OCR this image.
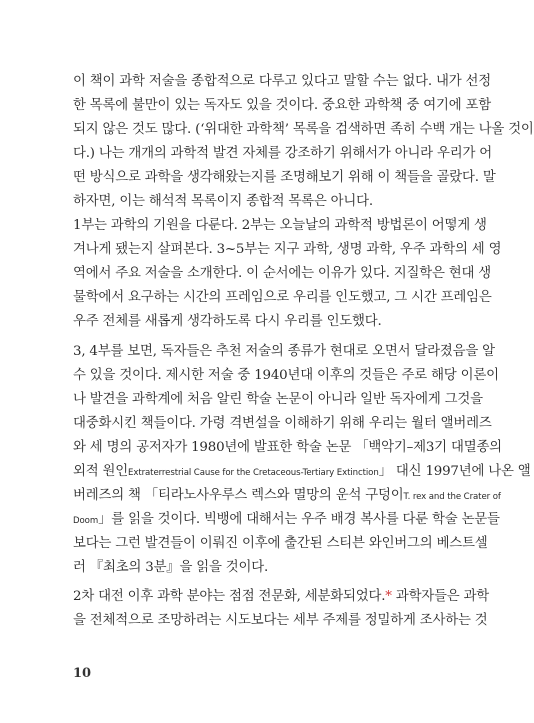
이 책이 과학 저술을 종합적으로 다루고 있다고 말할 수는 없다. 내가 선정
한 목록에 불만이 있는 독자도 있을 것이다. 중요한 과학책 중 여기에 포함
되지 않은 것도 많다. (‘위대한 과학책’ 목록을 검색하면 족히 수백 개는 나올 것이
다.) 나는 개개의 과학적 발견 자체를 강조하기 위해서가 아니라 우리가 어
떤 방식으로 과학을 생각해왔는지를 조명해보기 위해 이 책들을 골랐다. 말
하자면, 이는 해석적 목록이지 종합적 목록은 아니다.
1부는 과학의 기원을 다룬다. 2부는 오늘날의 과학적 방법론이 어떻게 생
겨나게 됐는지 살펴본다. 3~5부는 지구 과학, 생명 과학, 우주 과학의 세 영
역에서 주요 저술을 소개한다. 이 순서에는 이유가 있다. 지질학은 현대 생
물학에서 요구하는 시간의 프레임으로 우리를 인도했고, 그 시간 프레임은
우주 전체를 새롭게 생각하도록 다시 우리를 인도했다.
3, 4부를 보면, 독자들은 추천 저술의 종류가 현대로 오면서 달라졌음을 알
수 있을 것이다. 제시한 저술 중 1940년대 이후의 것들은 주로 해당 이론이
나 발견을 과학계에 처음 알린 학술 논문이 아니라 일반 독자에게 그것을
대중화시킨 책들이다. 가령 격변설을 이해하기 위해 우리는 월터 앨버레즈
와 세 명의 공저자가 1980년에 발표한 학술 논문 「백악기–제3기 대멸종의
외적 원인Extraterrestrial Cause for the Cretaceous-Tertiary Extinction」 대신 1997년에 나온 앨
버레즈의 책 「티라노사우루스 렉스와 멸망의 운석 구덩이T. rex and the Crater of
Doom」를 읽을 것이다. 빅뱅에 대해서는 우주 배경 복사를 다룬 학술 논문들
보다는 그런 발견들이 이뤄진 이후에 출간된 스티븐 와인버그의 베스트셀
러 『최초의 3분』을 읽을 것이다.
2차 대전 이후 과학 분야는 점점 전문화, 세분화되었다.* 과학자들은 과학
을 전체적으로 조망하려는 시도보다는 세부 주제를 정밀하게 조사하는 것
10
